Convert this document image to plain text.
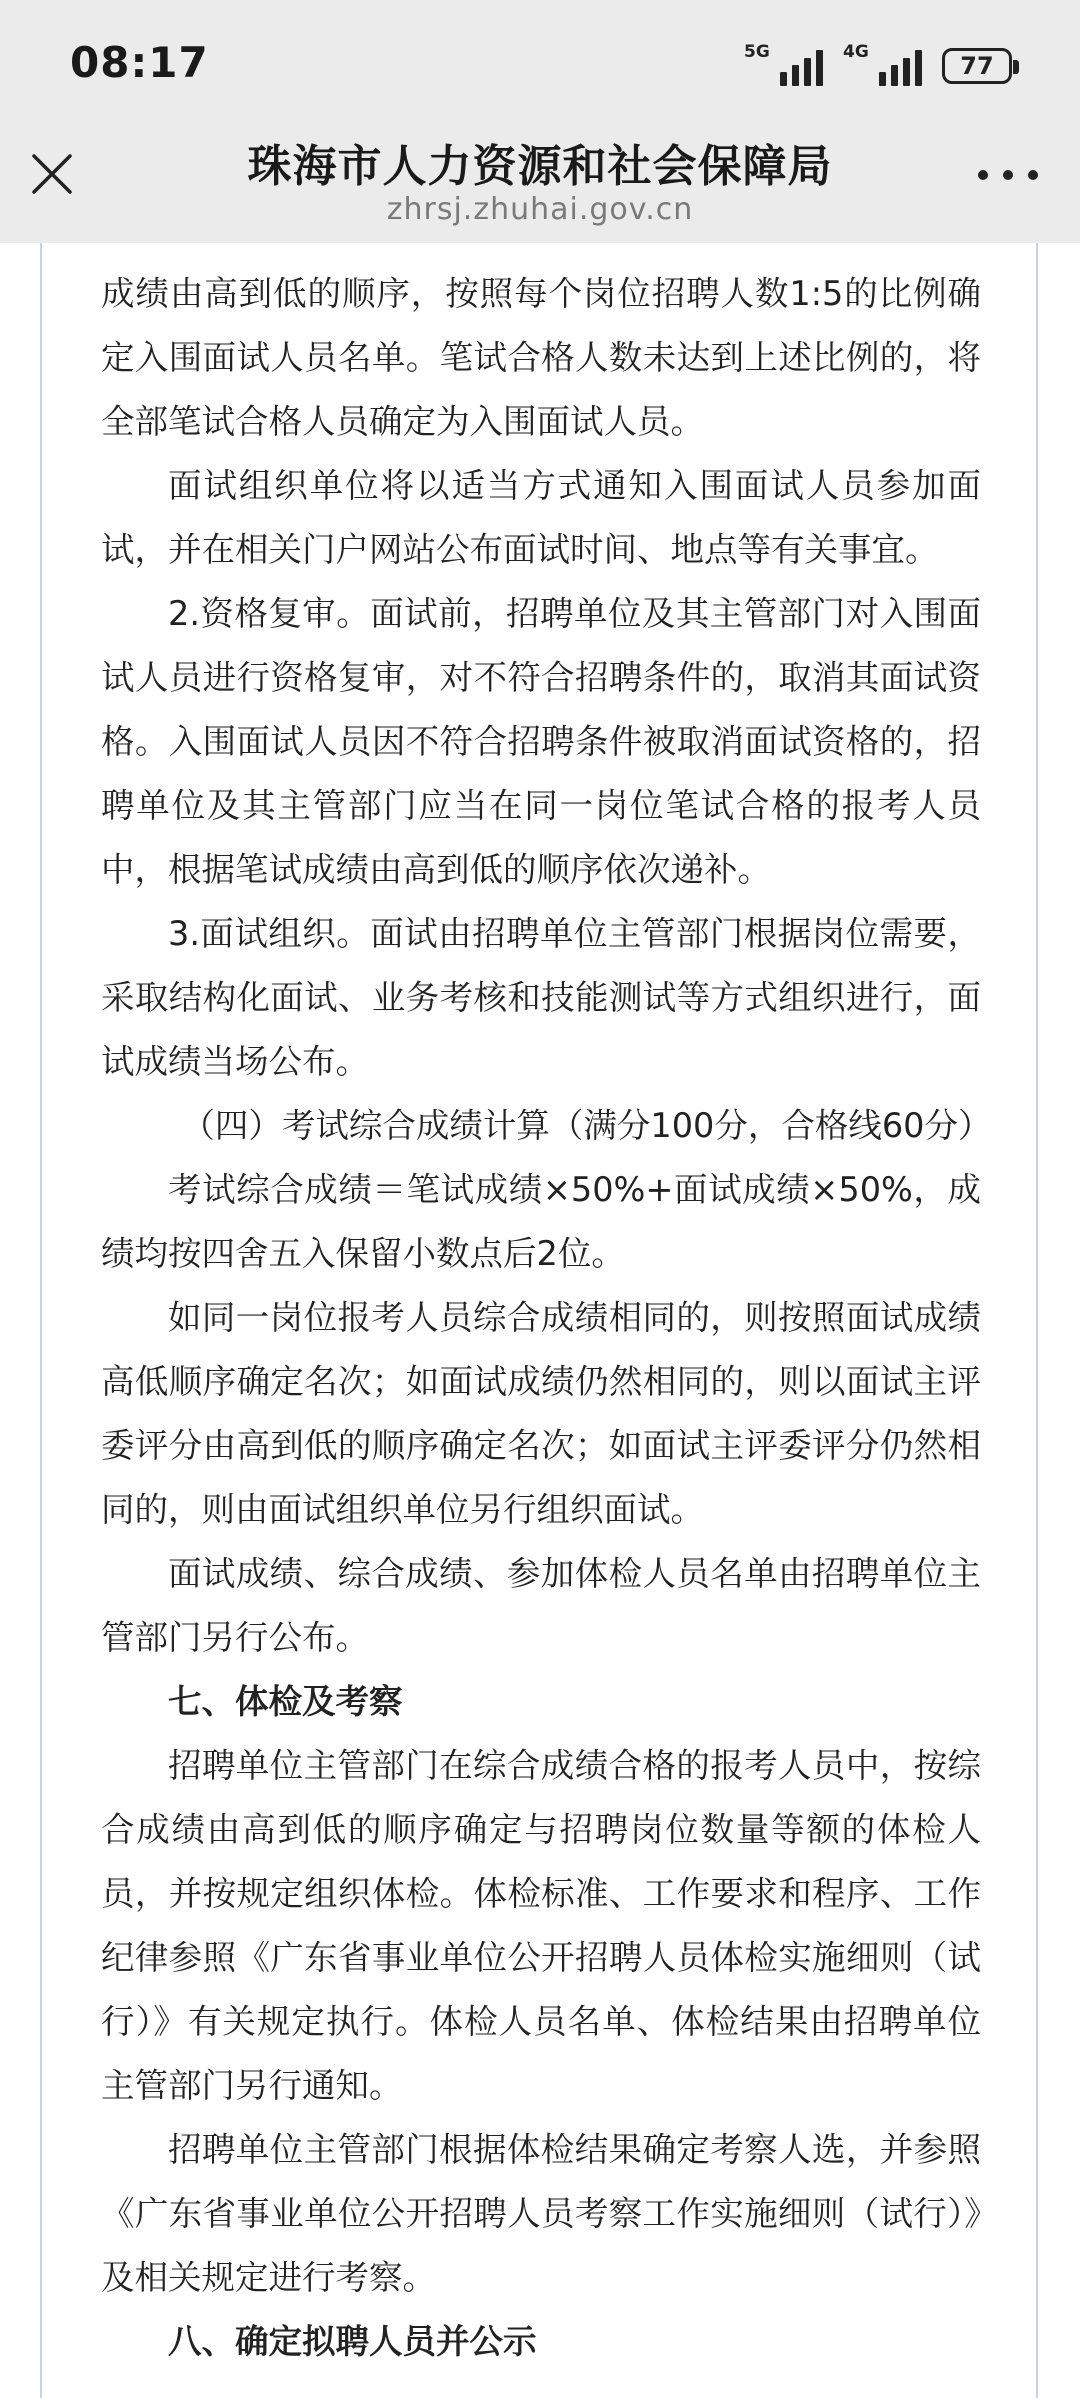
08:17	5G	4G	77
珠海市人力资源和社会保障局
zhrsj.zhuhai.gov.cn

成绩由高到低的顺序，按照每个岗位招聘人数1:5的比例确定入围面试人员名单。笔试合格人数未达到上述比例的，将全部笔试合格人员确定为入围面试人员。

面试组织单位将以适当方式通知入围面试人员参加面试，并在相关门户网站公布面试时间、地点等有关事宜。

2.资格复审。面试前，招聘单位及其主管部门对入围面试人员进行资格复审，对不符合招聘条件的，取消其面试资格。入围面试人员因不符合招聘条件被取消面试资格的，招聘单位及其主管部门应当在同一岗位笔试合格的报考人员中，根据笔试成绩由高到低的顺序依次递补。

3.面试组织。面试由招聘单位主管部门根据岗位需要，采取结构化面试、业务考核和技能测试等方式组织进行，面试成绩当场公布。

（四）考试综合成绩计算（满分100分，合格线60分）

考试综合成绩＝笔试成绩×50%+面试成绩×50%，成绩均按四舍五入保留小数点后2位。

如同一岗位报考人员综合成绩相同的，则按照面试成绩高低顺序确定名次；如面试成绩仍然相同的，则以面试主评委评分由高到低的顺序确定名次；如面试主评委评分仍然相同的，则由面试组织单位另行组织面试。

面试成绩、综合成绩、参加体检人员名单由招聘单位主管部门另行公布。

七、体检及考察

招聘单位主管部门在综合成绩合格的报考人员中，按综合成绩由高到低的顺序确定与招聘岗位数量等额的体检人员，并按规定组织体检。体检标准、工作要求和程序、工作纪律参照《广东省事业单位公开招聘人员体检实施细则（试行）》有关规定执行。体检人员名单、体检结果由招聘单位主管部门另行通知。

招聘单位主管部门根据体检结果确定考察人选，并参照《广东省事业单位公开招聘人员考察工作实施细则（试行）》及相关规定进行考察。

八、确定拟聘人员并公示
